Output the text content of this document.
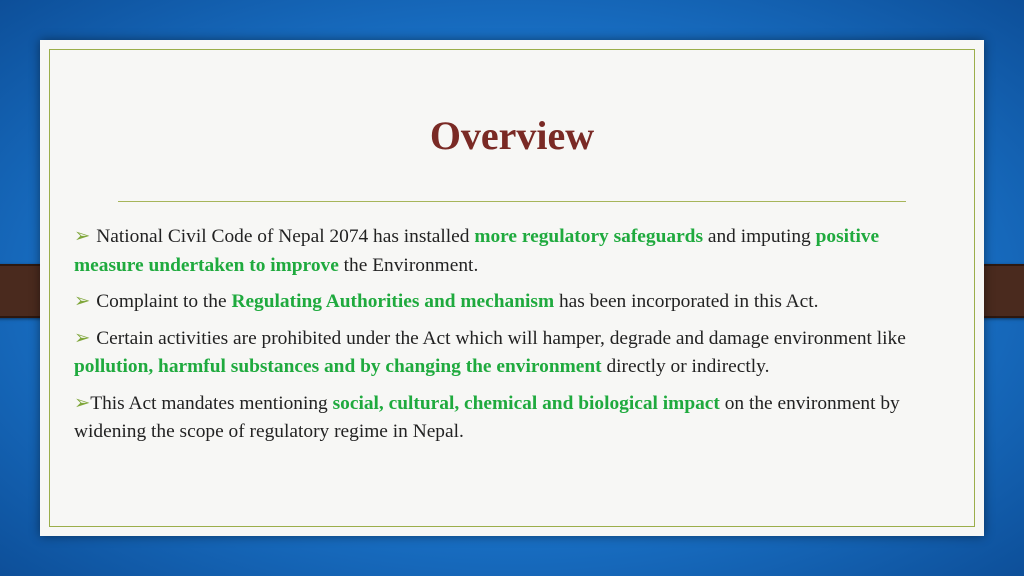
Overview

➢ National Civil Code of Nepal 2074 has installed more regulatory safeguards and imputing positive measure undertaken to improve the Environment.

➢ Complaint to the Regulating Authorities and mechanism has been incorporated in this Act.

➢ Certain activities are prohibited under the Act which will hamper, degrade and damage environment like pollution, harmful substances and by changing the environment directly or indirectly.

➢This Act mandates mentioning social, cultural, chemical and biological impact on the environment by widening the scope of regulatory regime in Nepal.
